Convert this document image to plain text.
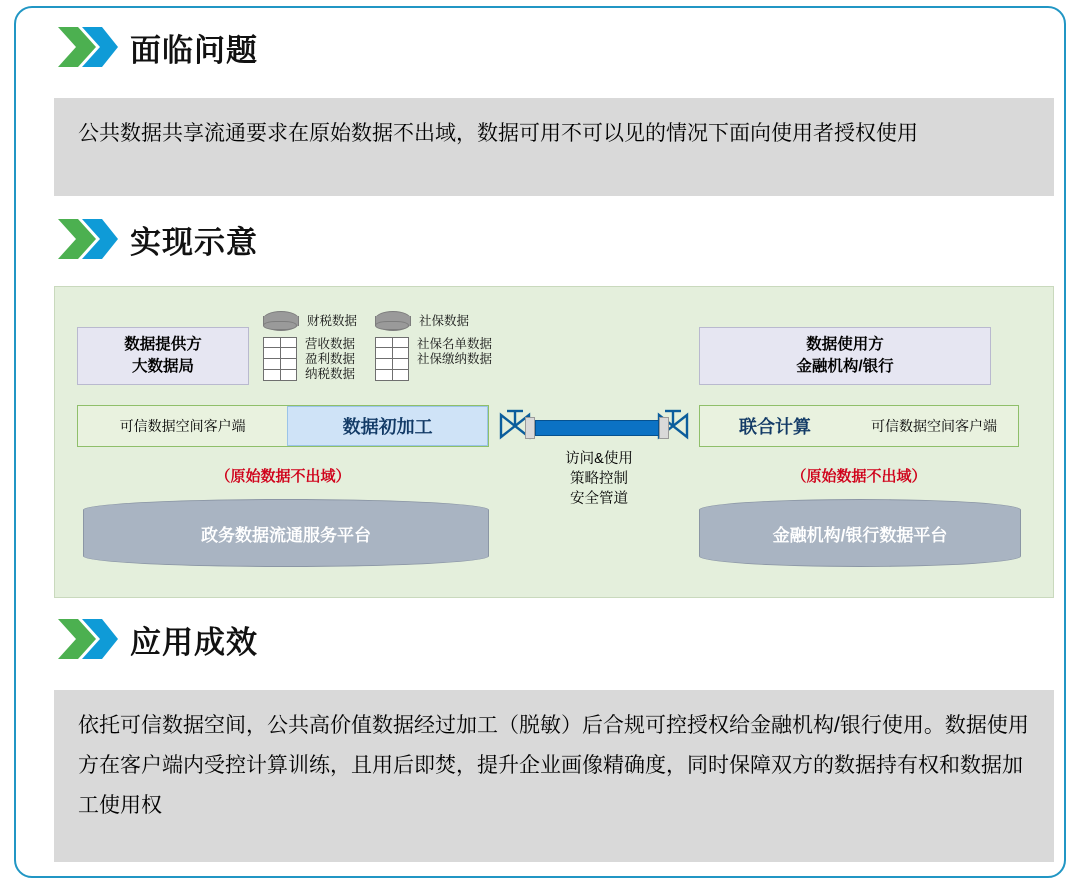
面临问题
公共数据共享流通要求在原始数据不出域，数据可用不可以见的情况下面向使用者授权使用
实现示意
财税数据
营收数据
盈利数据
纳税数据
社保数据
社保名单数据
社保缴纳数据
数据提供方
大数据局
数据使用方
金融机构/银行
可信数据空间客户端	数据初加工	联合计算	可信数据空间客户端
访问&使用
策略控制
安全管道
（原始数据不出域）	（原始数据不出域）
政务数据流通服务平台	金融机构/银行数据平台
应用成效
依托可信数据空间，公共高价值数据经过加工（脱敏）后合规可控授权给金融机构/银行使用。数据使用方在客户端内受控计算训练，且用后即焚，提升企业画像精确度，同时保障双方的数据持有权和数据加工使用权
